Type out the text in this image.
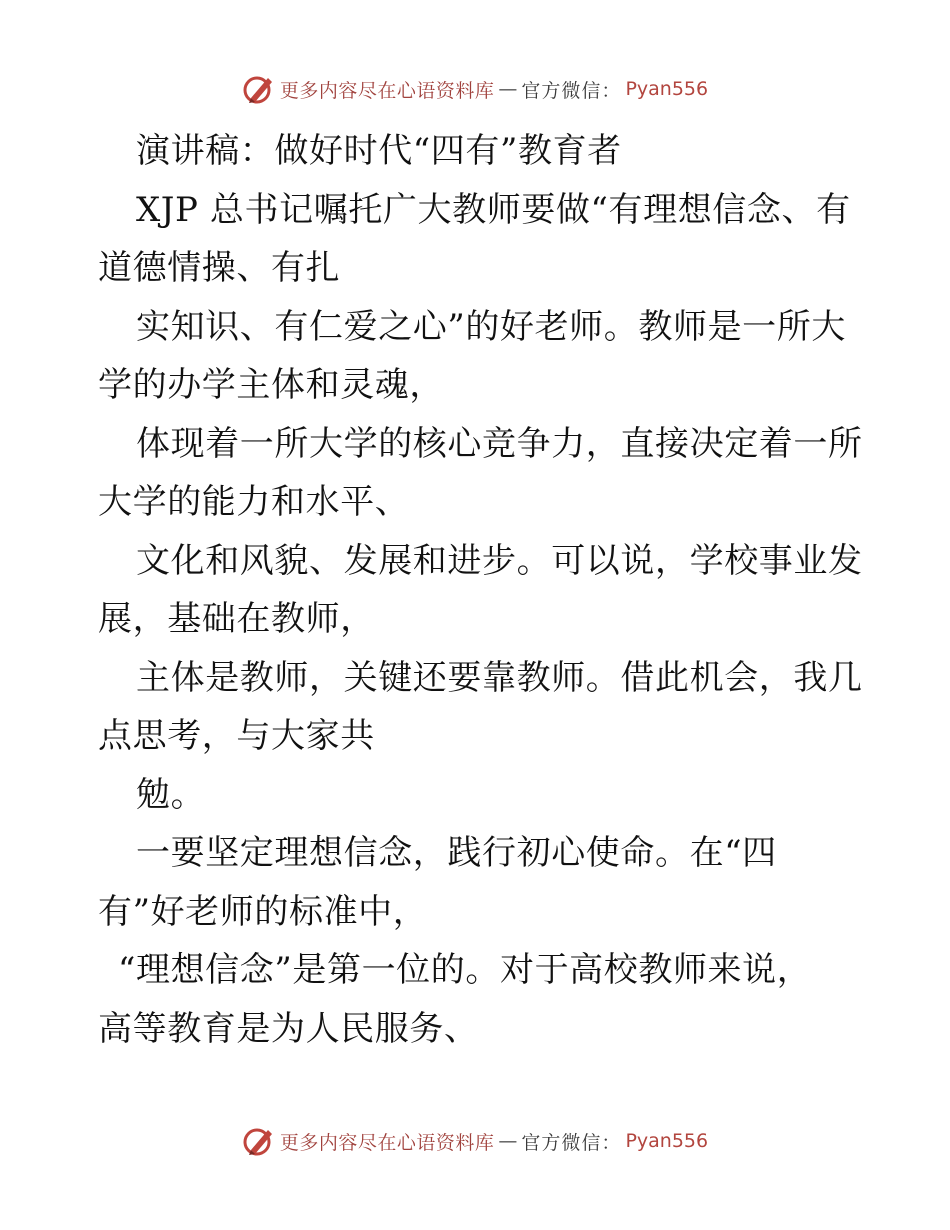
更多内容尽在心语资料库 — 官方微信： Pyan556
演讲稿：做好时代“四有”教育者
XJP 总书记嘱托广大教师要做“有理想信念、有
道德情操、有扎
实知识、有仁爱之心”的好老师。教师是一所大
学的办学主体和灵魂，
体现着一所大学的核心竞争力，直接决定着一所
大学的能力和水平、
文化和风貌、发展和进步。可以说，学校事业发
展，基础在教师，
主体是教师，关键还要靠教师。借此机会，我几
点思考，与大家共
勉。
一要坚定理想信念，践行初心使命。在“四
有”好老师的标准中，
“理想信念”是第一位的。对于高校教师来说，
高等教育是为人民服务、
更多内容尽在心语资料库 — 官方微信： Pyan556
